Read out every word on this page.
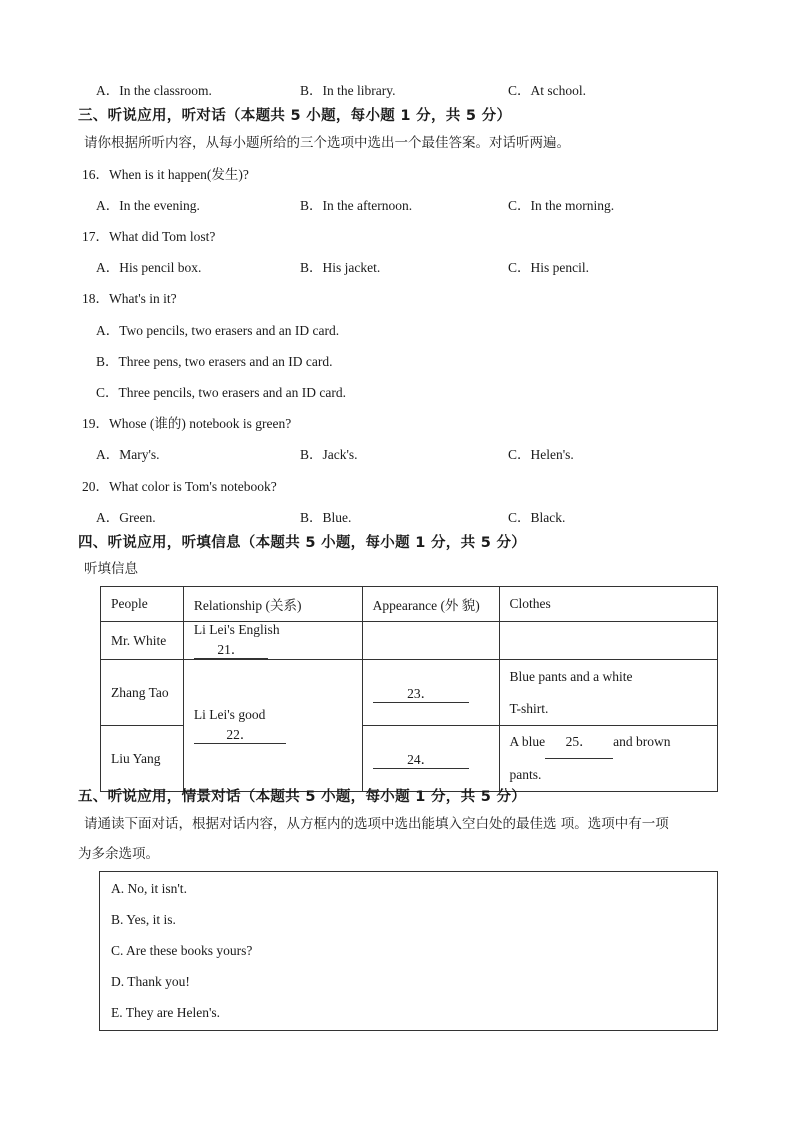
A．In the classroom.	B．In the library.	C．At school.
三、听说应用，听对话（本题共 5 小题，每小题 1 分，共 5 分）
请你根据所听内容，从每小题所给的三个选项中选出一个最佳答案。对话听两遍。
16．When is it happen(发生)?
A．In the evening.	B．In the afternoon.	C．In the morning.
17．What did Tom lost?
A．His pencil box.	B．His jacket.	C．His pencil.
18．What's in it?
A．Two pencils, two erasers and an ID card.
B．Three pens, two erasers and an ID card.
C．Three pencils, two erasers and an ID card.
19．Whose (谁的) notebook is green?
A．Mary's.	B．Jack's.	C．Helen's.
20．What color is Tom's notebook?
A．Green.	B．Blue.	C．Black.
四、听说应用，听填信息（本题共 5 小题，每小题 1 分，共 5 分）
听填信息
People	Relationship (关系)	Appearance (外 貌)	Clothes
Mr. White	Li Lei's English21．		
Zhang Tao	Li Lei's good22．	23．	Blue pants and a white
T-shirt.

Liu Yang		24．	A blue 25． and brown
pants.
五、听说应用，情景对话（本题共 5 小题，每小题 1 分，共 5 分）
请通读下面对话，根据对话内容，从方框内的选项中选出能填入空白处的最佳选 项。选项中有一项
为多余选项。
A. No, it isn't.
B. Yes, it is.
C. Are these books yours?
D. Thank you!
E. They are Helen's.
